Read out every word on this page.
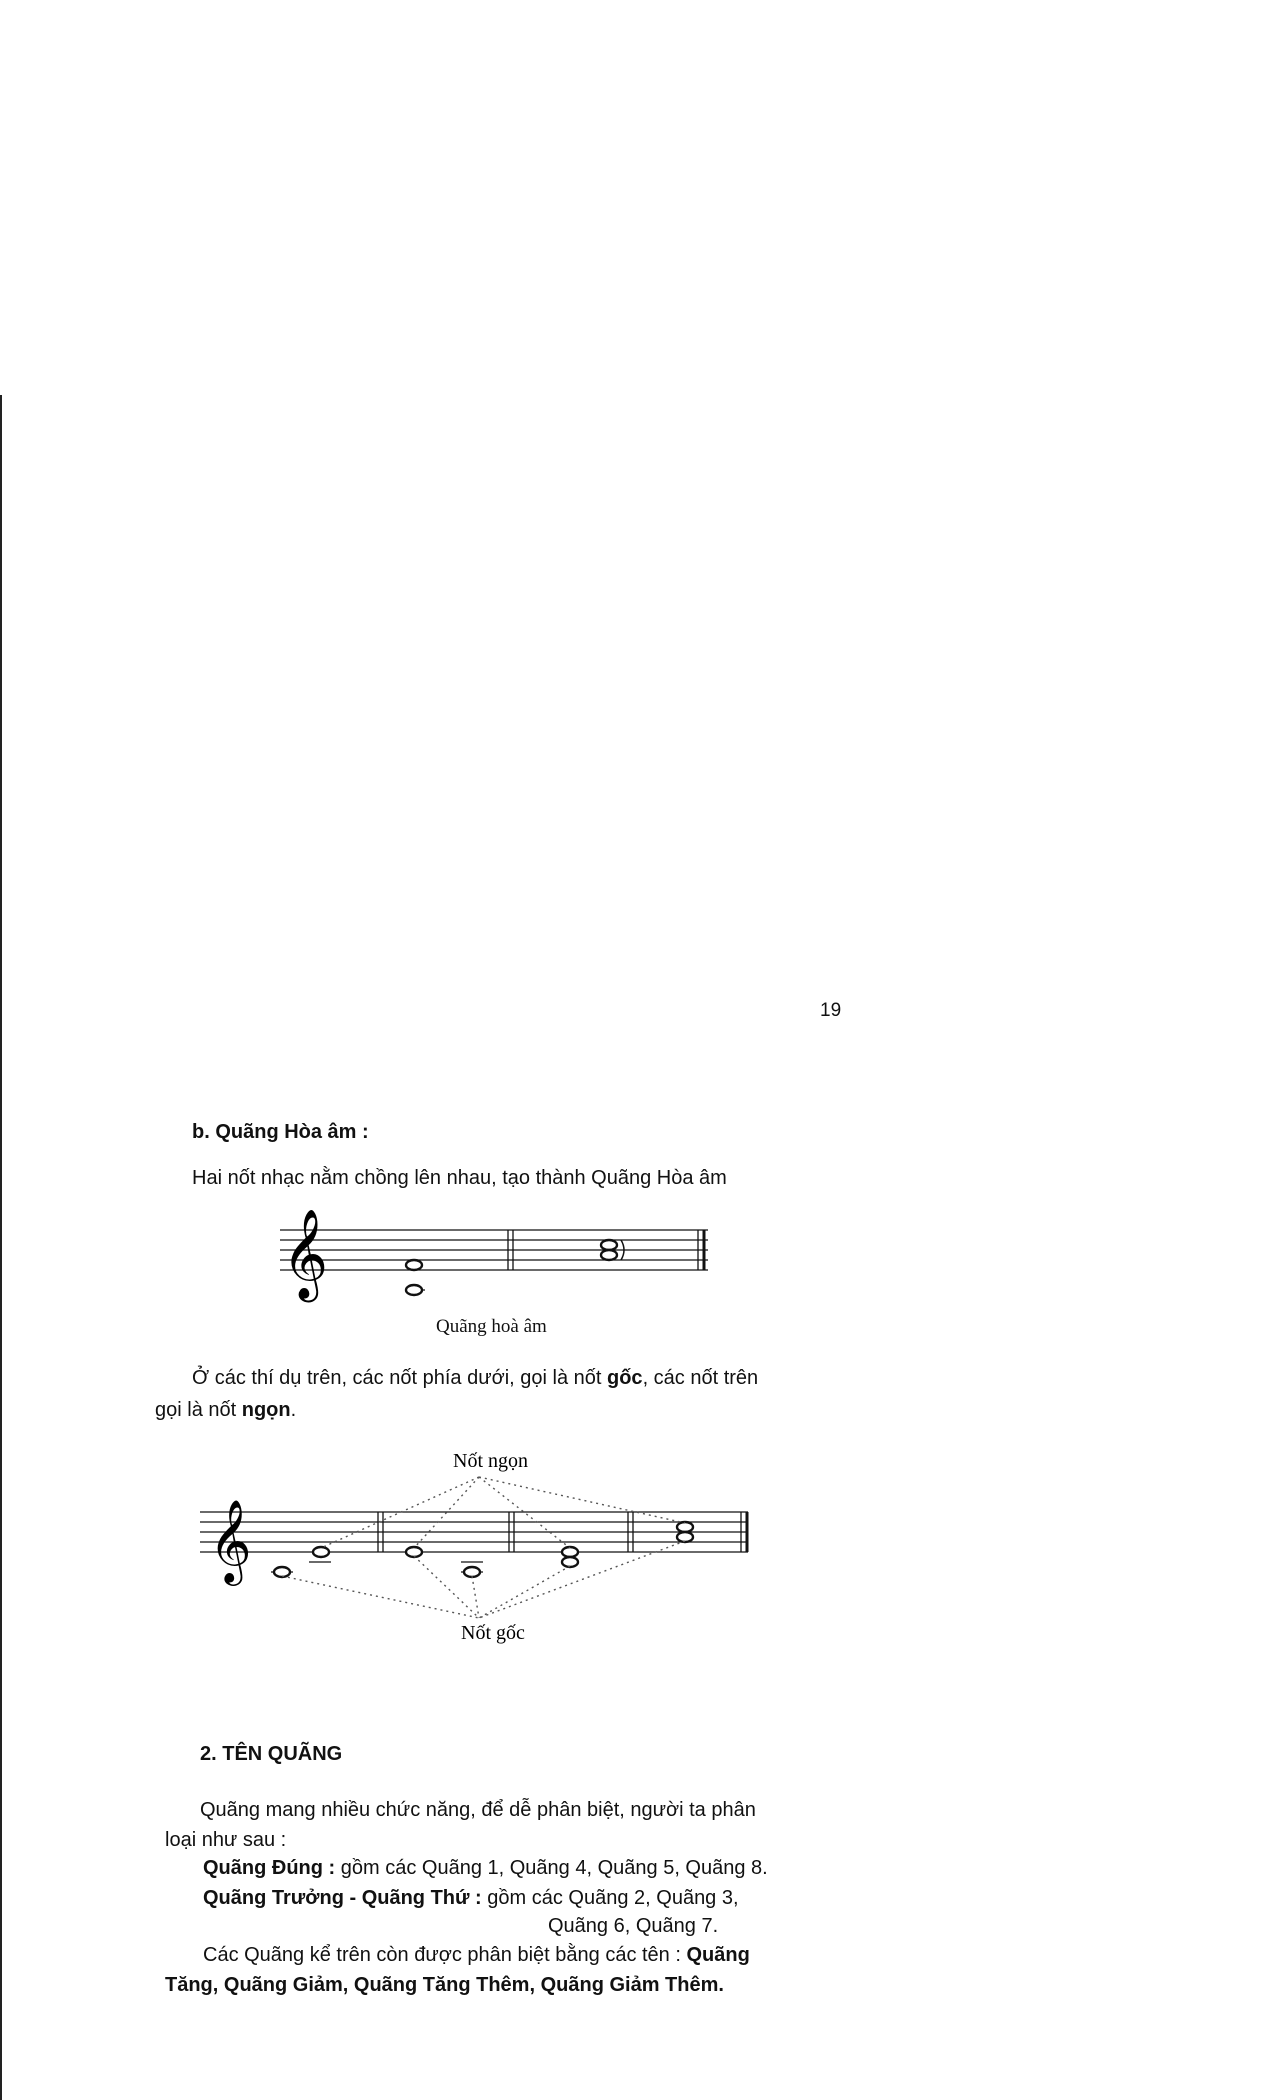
19
b. Quãng Hòa âm :
Hai nốt nhạc nằm chồng lên nhau, tạo thành Quãng Hòa âm
𝄞
Quãng hoà âm
Ở các thí dụ trên, các nốt phía dưới, gọi là nốt gốc, các nốt trên
gọi là nốt ngọn.
Nốt ngọn
𝄞
Nốt gốc
2. TÊN QUÃNG
Quãng mang nhiều chức năng, để dễ phân biệt, người ta phân
loại như sau :
Quãng Đúng : gồm các Quãng 1, Quãng 4, Quãng 5, Quãng 8.
Quãng Trưởng - Quãng Thứ : gồm các Quãng 2, Quãng 3,
Quãng 6, Quãng 7.
Các Quãng kể trên còn được phân biệt bằng các tên : Quãng
Tăng, Quãng Giảm, Quãng Tăng Thêm, Quãng Giảm Thêm.
